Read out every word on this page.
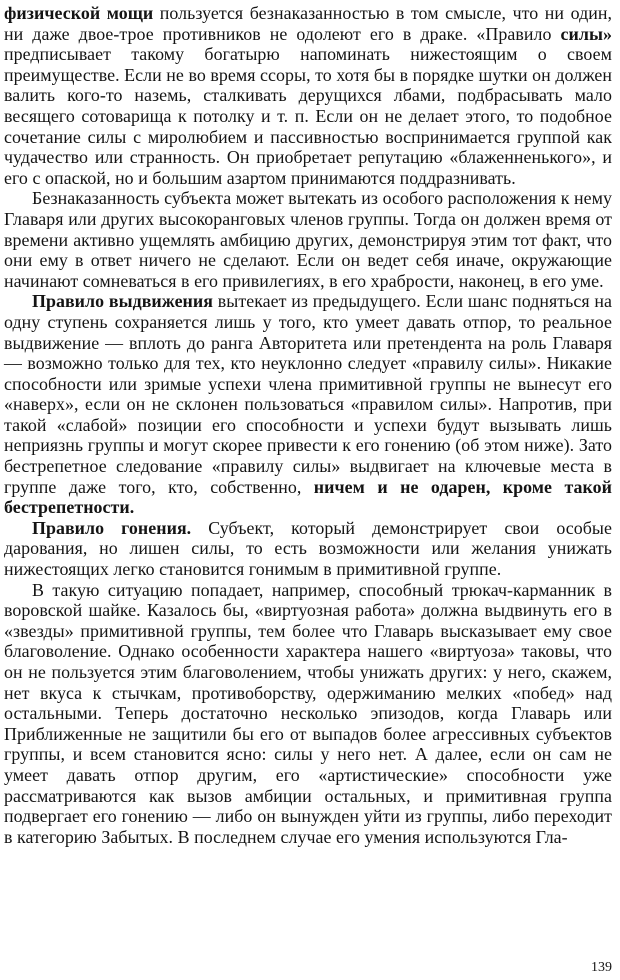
физической мощи пользуется безнаказанностью в том смысле, что ни один, ни даже двое-трое противников не одолеют его в драке. «Правило силы» предписывает такому богатырю напоминать нижестоящим о своем преимуществе. Если не во время ссоры, то хотя бы в порядке шутки он должен валить кого-то наземь, сталкивать дерущихся лбами, подбрасывать мало весящего сотоварища к потолку и т. п. Если он не делает этого, то подобное сочетание силы с миролюбием и пассивностью воспринимается группой как чудачество или странность. Он приобретает репутацию «блаженненького», и его с опаской, но и большим азартом принимаются поддразнивать.

Безнаказанность субъекта может вытекать из особого расположения к нему Главаря или других высокоранговых членов группы. Тогда он должен время от времени активно ущемлять амбицию других, демонстрируя этим тот факт, что они ему в ответ ничего не сделают. Если он ведет себя иначе, окружающие начинают сомневаться в его привилегиях, в его храбрости, наконец, в его уме.

Правило выдвижения вытекает из предыдущего. Если шанс подняться на одну ступень сохраняется лишь у того, кто умеет давать отпор, то реальное выдвижение — вплоть до ранга Авторитета или претендента на роль Главаря — возможно только для тех, кто неуклонно следует «правилу силы». Никакие способности или зримые успехи члена примитивной группы не вынесут его «наверх», если он не склонен пользоваться «правилом силы». Напротив, при такой «слабой» позиции его способности и успехи будут вызывать лишь неприязнь группы и могут скорее привести к его гонению (об этом ниже). Зато бестрепетное следование «правилу силы» выдвигает на ключевые места в группе даже того, кто, собственно, ничем и не одарен, кроме такой бестрепетности.

Правило гонения. Субъект, который демонстрирует свои особые дарования, но лишен силы, то есть возможности или желания унижать нижестоящих легко становится гонимым в примитивной группе.

В такую ситуацию попадает, например, способный трюкач-карманник в воровской шайке. Казалось бы, «виртуозная работа» должна выдвинуть его в «звезды» примитивной группы, тем более что Главарь высказывает ему свое благоволение. Однако особенности характера нашего «виртуоза» таковы, что он не пользуется этим благоволением, чтобы унижать других: у него, скажем, нет вкуса к стычкам, противоборству, одержиманию мелких «побед» над остальными. Теперь достаточно несколько эпизодов, когда Главарь или Приближенные не защитили бы его от выпадов более агрессивных субъектов группы, и всем становится ясно: силы у него нет. А далее, если он сам не умеет давать отпор другим, его «артистические» способности уже рассматриваются как вызов амбиции остальных, и примитивная группа подвергает его гонению — либо он вынужден уйти из группы, либо переходит в категорию Забытых. В последнем случае его умения используются Гла-

139
